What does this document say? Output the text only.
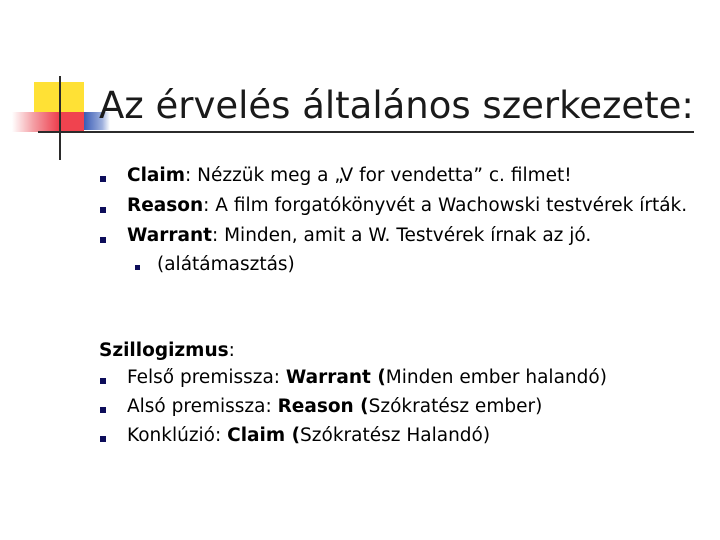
Az érvelés általános szerkezete:
Claim: Nézzük meg a „V for vendetta” c. filmet!
Reason: A film forgatókönyvét a Wachowski testvérek írták.
Warrant: Minden, amit a W. Testvérek írnak az jó.
(alátámasztás)
Szillogizmus:
Felső premissza: Warrant (Minden ember halandó)
Alsó premissza: Reason (Szókratész ember)
Konklúzió: Claim (Szókratész Halandó)
